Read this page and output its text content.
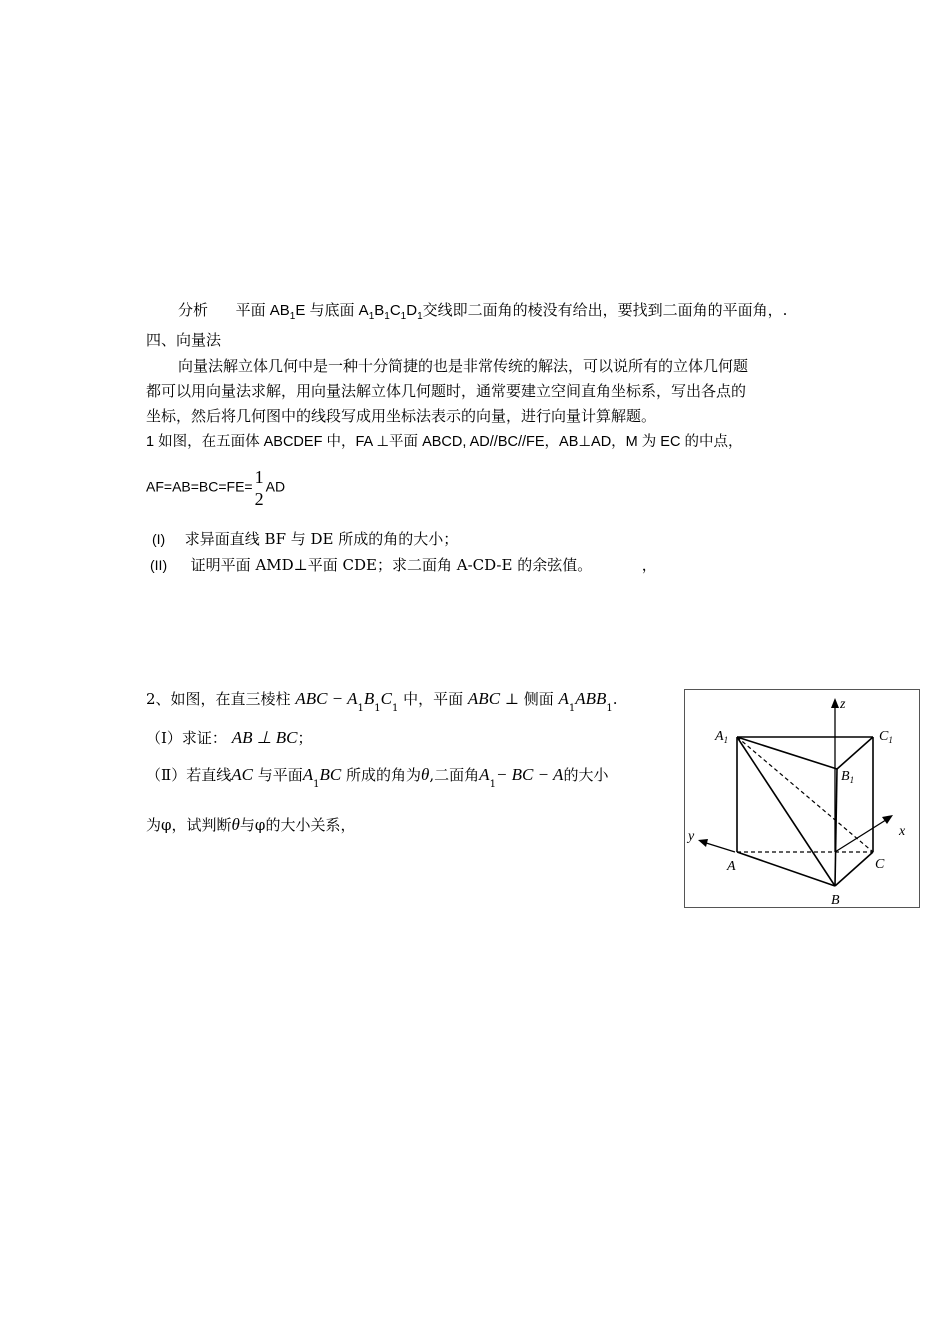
分析 平面 $AB_1E$ 与底面 $A_1B_1C_1D_1$交线即二面角的棱没有给出，要找到二面角的平面角，.
四、向量法
向量法解立体几何中是一种十分简捷的也是非常传统的解法，可以说所有的立体几何题
都可以用向量法求解，用向量法解立体几何题时，通常要建立空间直角坐标系，写出各点的
坐标，然后将几何图中的线段写成用坐标法表示的向量，进行向量计算解题。
1 如图，在五面体 ABCDEF 中，FA ⊥平面 ABCD, AD//BC//FE，AB⊥AD，M 为 EC 的中点，
AF=AB=BC=FE= 1
2
AD
(I) 求异面直线 BF 与 DE 所成的角的大小；
(II) 证明平面 AMD⊥平面 CDE；求二面角 A-CD-E 的余弦值。	，
2、如图，在直三棱柱 ABC − $A_1B_1C_1$ 中，平面 ABC ⊥ 侧面 $A_1ABB_1$.
（Ⅰ）求证： AB ⊥ BC；
（Ⅱ）若直线AC 与平面$A_1BC$ 所成的角为θ,二面角$A_1-$ BC − A的大小
为φ，试判断θ与φ的大小关系，
z
x
y
$A_1$	$C_1$
$B_1$
A	C
B
